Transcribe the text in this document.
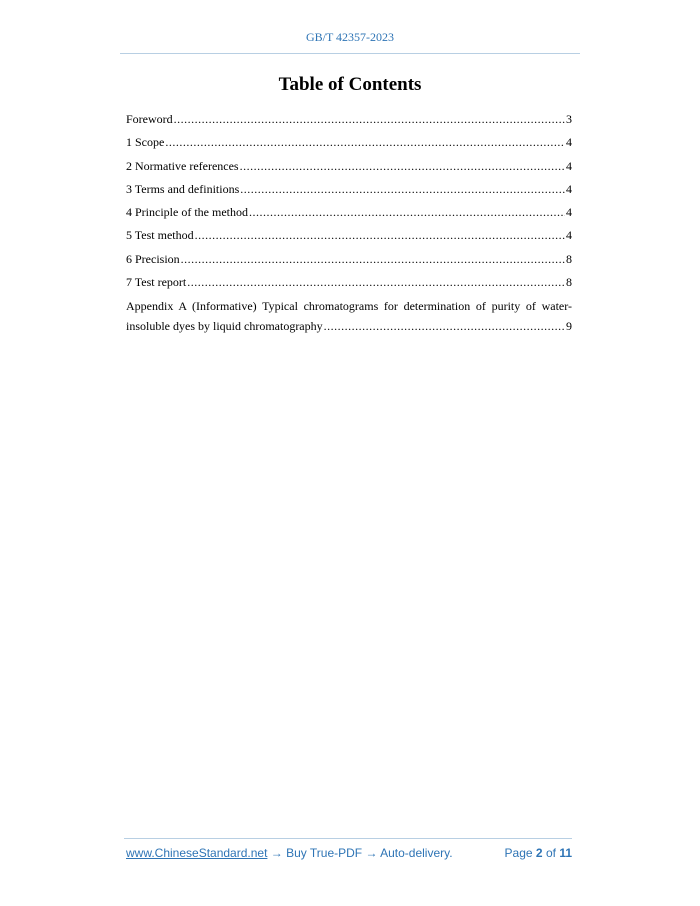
GB/T 42357-2023
Table of Contents
Foreword .....	3
1 Scope .....	4
2 Normative references .....	4
3 Terms and definitions .....	4
4 Principle of the method .....	4
5 Test method .....	4
6 Precision .....	8
7 Test report .....	8
Appendix A (Informative) Typical chromatograms for determination of purity of water-
insoluble dyes by liquid chromatography .....	9
www.ChineseStandard.net → Buy True-PDF → Auto-delivery.	Page 2 of 11
